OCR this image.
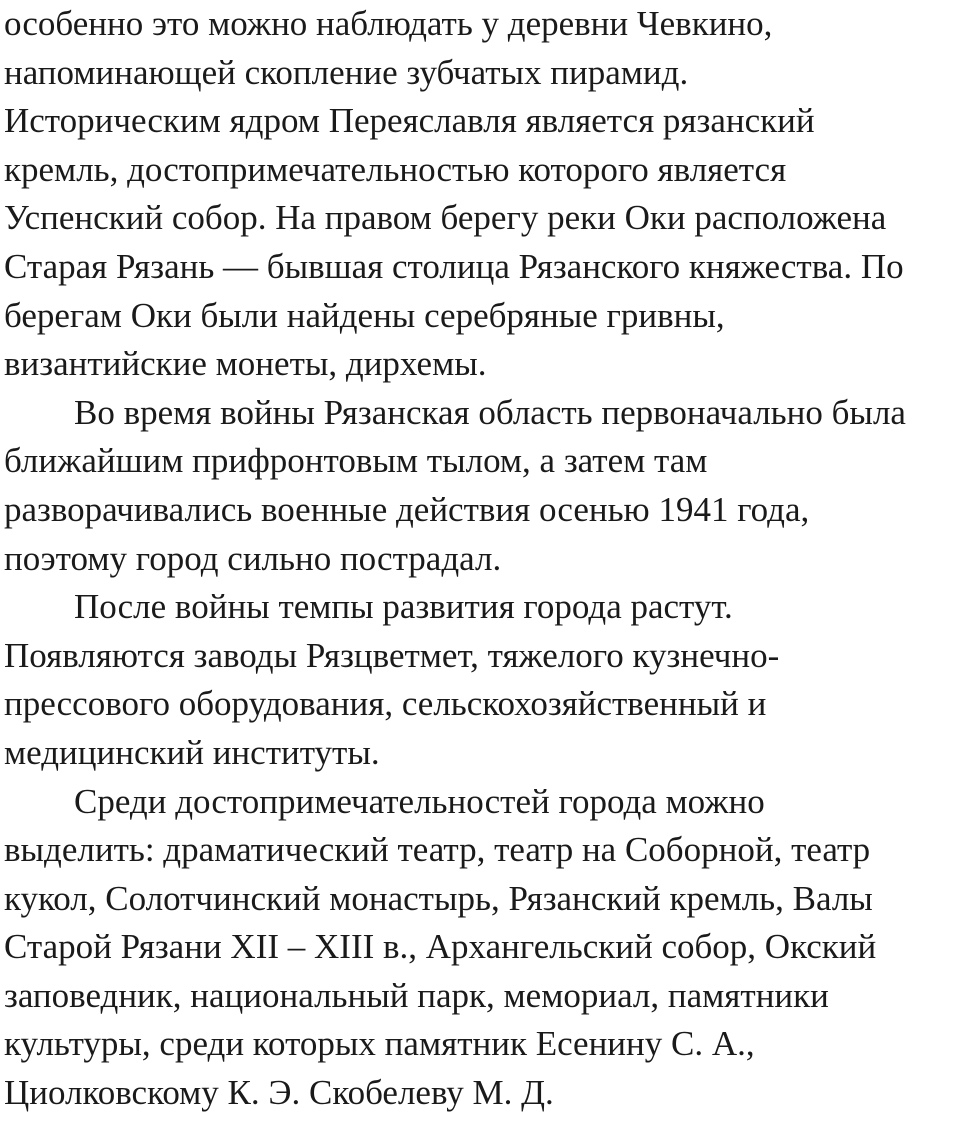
особенно это можно наблюдать у деревни Чевкино,
напоминающей скопление зубчатых пирамид.
Историческим ядром Переяславля является рязанский
кремль, достопримечательностью которого является
Успенский собор. На правом берегу реки Оки расположена
Старая Рязань — бывшая столица Рязанского княжества. По
берегам Оки были найдены серебряные гривны,
византийские монеты, дирхемы.

Во время войны Рязанская область первоначально была
ближайшим прифронтовым тылом, а затем там
разворачивались военные действия осенью 1941 года,
поэтому город сильно пострадал.

После войны темпы развития города растут.
Появляются заводы Рязцветмет, тяжелого кузнечно-
прессового оборудования, сельскохозяйственный и
медицинский институты.

Среди достопримечательностей города можно
выделить: драматический театр, театр на Соборной, театр
кукол, Солотчинский монастырь, Рязанский кремль, Валы
Старой Рязани XII – XIII в., Архангельский собор, Окский
заповедник, национальный парк, мемориал, памятники
культуры, среди которых памятник Есенину С. А.,
Циолковскому К. Э. Скобелеву М. Д.
